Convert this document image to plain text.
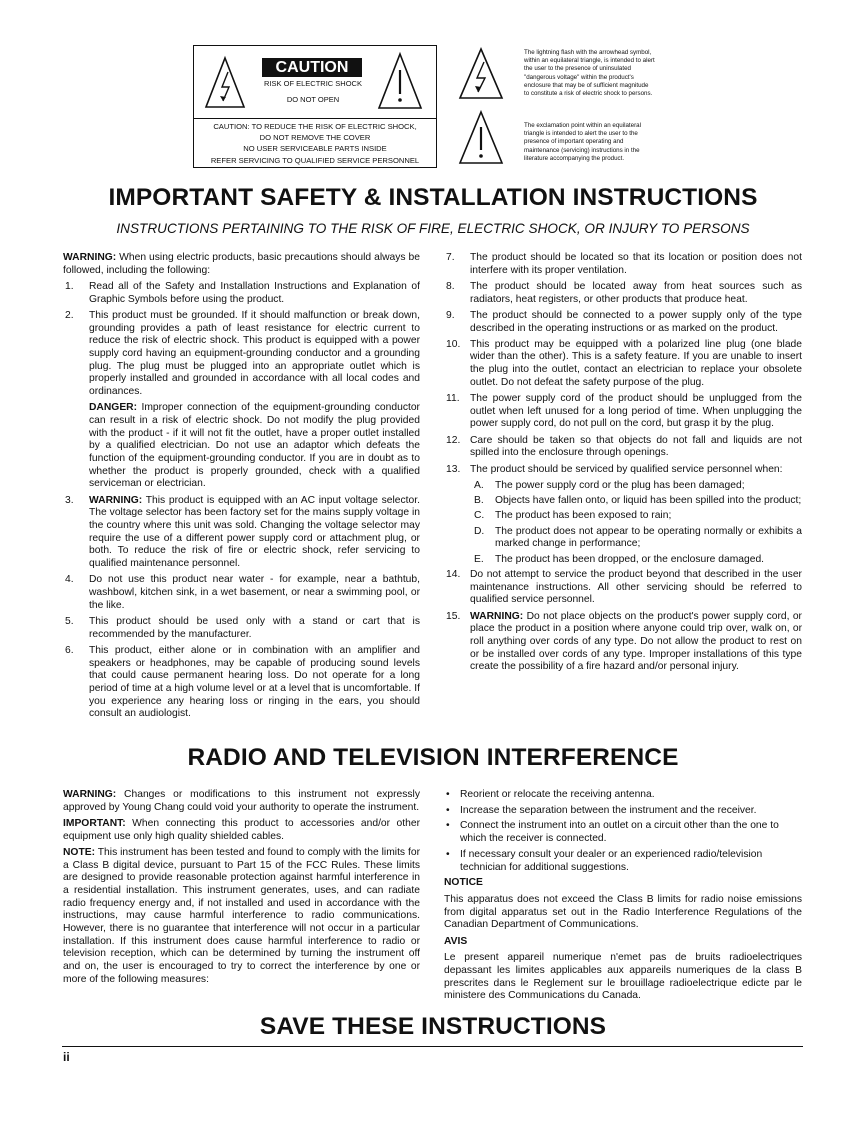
CAUTION
RISK OF ELECTRIC SHOCK
DO NOT OPEN
CAUTION: TO REDUCE THE RISK OF ELECTRIC SHOCK,
DO NOT REMOVE THE COVER
NO USER SERVICEABLE PARTS INSIDE
REFER SERVICING TO QUALIFIED SERVICE PERSONNEL
The lightning flash with the arrowhead symbol,
within an equilateral triangle, is intended to alert
the user to the presence of uninsulated
"dangerous voltage" within the product's
enclosure that may be of sufficient magnitude
to constitute a risk of electric shock to persons.
The exclamation point within an equilateral
triangle is intended to alert the user to the
presence of important operating and
maintenance (servicing) instructions in the
literature accompanying the product.
IMPORTANT SAFETY & INSTALLATION INSTRUCTIONS
INSTRUCTIONS PERTAINING TO THE RISK OF FIRE, ELECTRIC SHOCK, OR INJURY TO PERSONS

WARNING: When using electric products, basic precautions should always be followed, including the following:

1.	Read all of the Safety and Installation Instructions and Explanation of Graphic Symbols before using the product.
2.	This product must be grounded. If it should malfunction or break down, grounding provides a path of least resistance for electric current to reduce the risk of electric shock. This product is equipped with a power supply cord having an equipment-grounding conductor and a grounding plug. The plug must be plugged into an appropriate outlet which is properly installed and grounded in accordance with all local codes and ordinances.
DANGER: Improper connection of the equipment-grounding conductor can result in a risk of electric shock. Do not modify the plug provided with the product - if it will not fit the outlet, have a proper outlet installed by a qualified electrician. Do not use an adaptor which defeats the function of the equipment-grounding conductor. If you are in doubt as to whether the product is properly grounded, check with a qualified serviceman or electrician.
3.	WARNING: This product is equipped with an AC input voltage selector. The voltage selector has been factory set for the mains supply voltage in the country where this unit was sold. Changing the voltage selector may require the use of a different power supply cord or attachment plug, or both. To reduce the risk of fire or electric shock, refer servicing to qualified maintenance personnel.
4.	Do not use this product near water - for example, near a bathtub, washbowl, kitchen sink, in a wet basement, or near a swimming pool, or the like.
5.	This product should be used only with a stand or cart that is recommended by the manufacturer.
6.	This product, either alone or in combination with an amplifier and speakers or headphones, may be capable of producing sound levels that could cause permanent hearing loss. Do not operate for a long period of time at a high volume level or at a level that is uncomfortable. If you experience any hearing loss or ringing in the ears, you should consult an audiologist.
7.	The product should be located so that its location or position does not interfere with its proper ventilation.
8.	The product should be located away from heat sources such as radiators, heat registers, or other products that produce heat.
9.	The product should be connected to a power supply only of the type described in the operating instructions or as marked on the product.
10. This product may be equipped with a polarized line plug (one blade wider than the other). This is a safety feature. If you are unable to insert the plug into the outlet, contact an electrician to replace your obsolete outlet. Do not defeat the safety purpose of the plug.
11.	The power supply cord of the product should be unplugged from the outlet when left unused for a long period of time. When unplugging the power supply cord, do not pull on the cord, but grasp it by the plug.
12. Care should be taken so that objects do not fall and liquids are not spilled into the enclosure through openings.
13. The product should be serviced by qualified service personnel when:
A. The power supply cord or the plug has been damaged;
B. Objects have fallen onto, or liquid has been spilled into the product;
C. The product has been exposed to rain;
D. The product does not appear to be operating normally or exhibits a marked change in performance;
E. The product has been dropped, or the enclosure damaged.
14. Do not attempt to service the product beyond that described in the user maintenance instructions. All other servicing should be referred to qualified service personnel.
15. WARNING: Do not place objects on the product's power supply cord, or place the product in a position where anyone could trip over, walk on, or roll anything over cords of any type. Do not allow the product to rest on or be installed over cords of any type. Improper installations of this type create the possibility of a fire hazard and/or personal injury.
RADIO AND TELEVISION INTERFERENCE

WARNING: Changes or modifications to this instrument not expressly approved by Young Chang could void your authority to operate the instrument.

IMPORTANT: When connecting this product to accessories and/or other equipment use only high quality shielded cables.

NOTE: This instrument has been tested and found to comply with the limits for a Class B digital device, pursuant to Part 15 of the FCC Rules. These limits are designed to provide reasonable protection against harmful interference in a residential installation. This instrument generates, uses, and can radiate radio frequency energy and, if not installed and used in accordance with the instructions, may cause harmful interference to radio communications. However, there is no guarantee that interference will not occur in a particular installation. If this instrument does cause harmful interference to radio or television reception, which can be determined by turning the instrument off and on, the user is encouraged to try to correct the interference by one or more of the following measures:

• Reorient or relocate the receiving antenna.
• Increase the separation between the instrument and the receiver.
• Connect the instrument into an outlet on a circuit other than the one to which the receiver is connected.
• If necessary consult your dealer or an experienced radio/television technician for additional suggestions.
NOTICE

This apparatus does not exceed the Class B limits for radio noise emissions from digital apparatus set out in the Radio Interference Regulations of the Canadian Department of Communications.

AVIS

Le present appareil numerique n'emet pas de bruits radioelectriques depassant les limites applicables aux appareils numeriques de la class B prescrites dans le Reglement sur le brouillage radioelectrique edicte par le ministere des Communications du Canada.

SAVE THESE INSTRUCTIONS
ii
